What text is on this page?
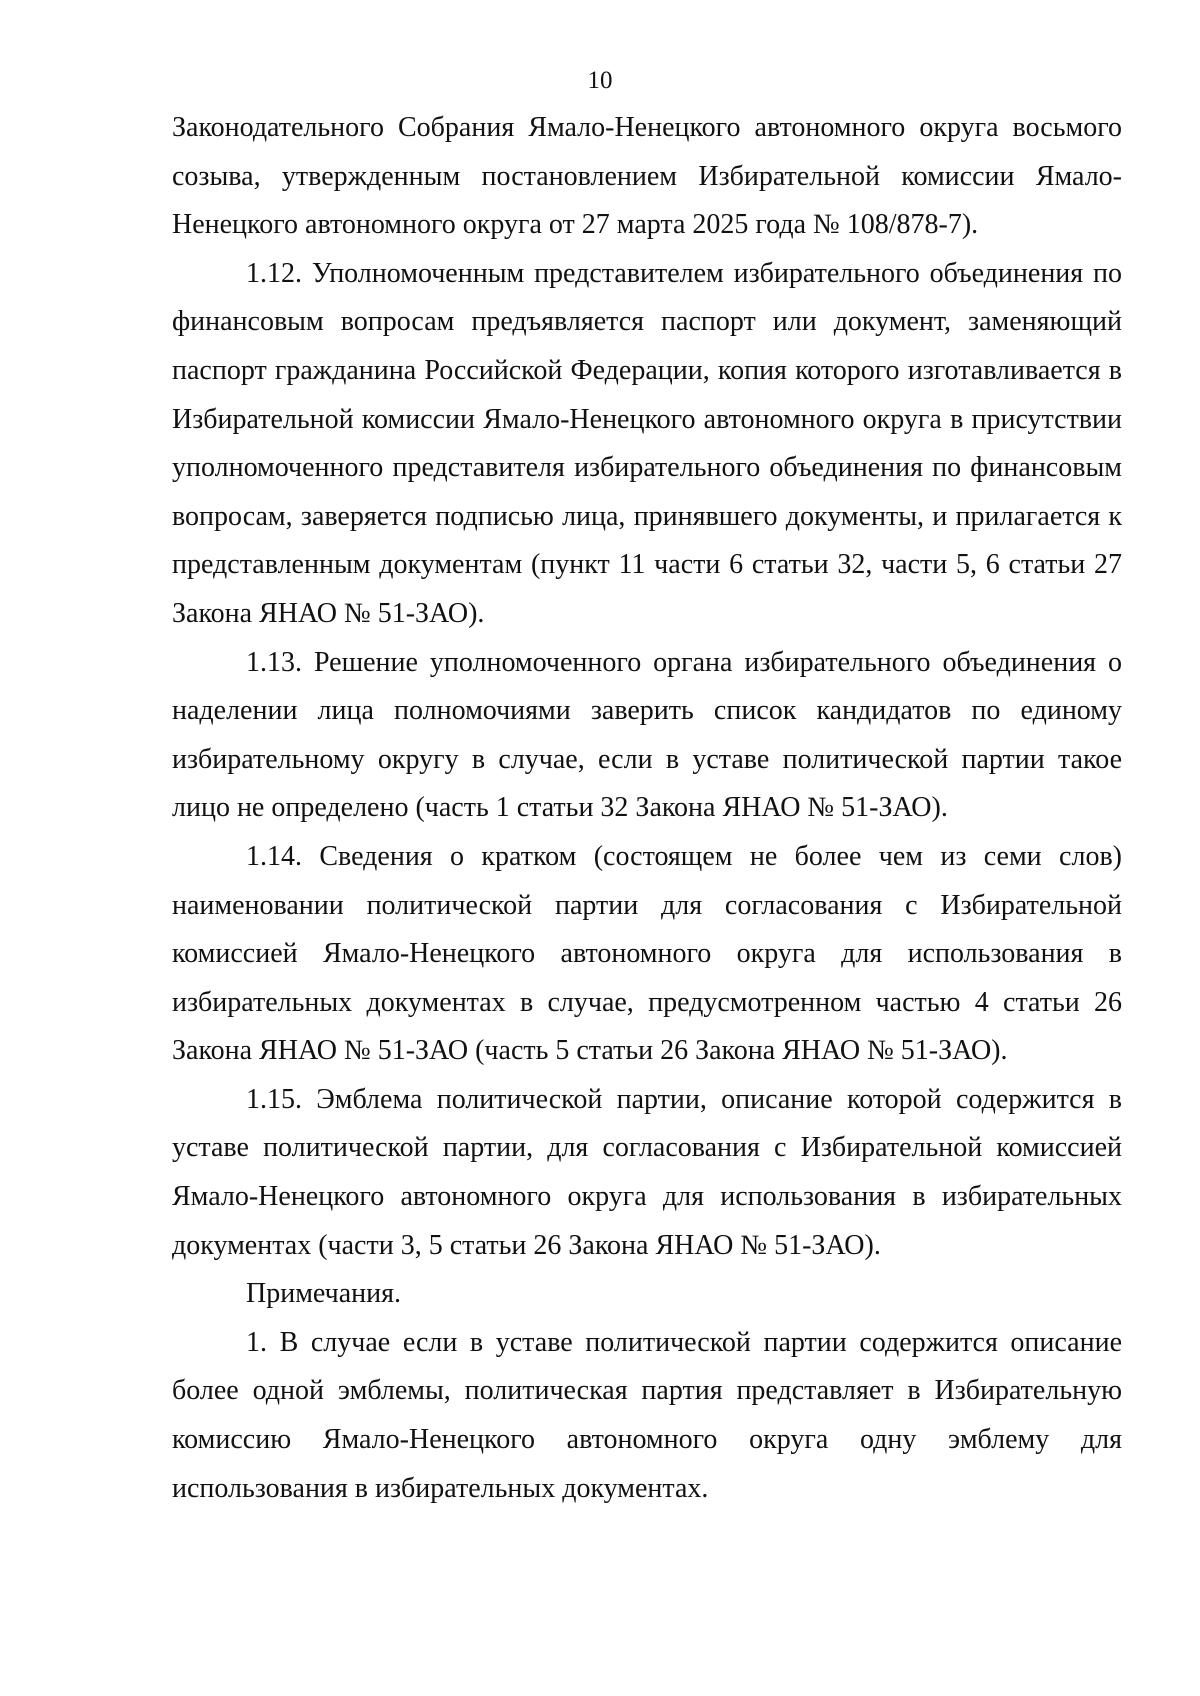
10

Законодательного Собрания Ямало-Ненецкого автономного округа восьмого созыва, утвержденным постановлением Избирательной комиссии Ямало-Ненецкого автономного округа от 27 марта 2025 года № 108/878-7).

1.12. Уполномоченным представителем избирательного объединения по финансовым вопросам предъявляется паспорт или документ, заменяющий паспорт гражданина Российской Федерации, копия которого изготавливается в Избирательной комиссии Ямало-Ненецкого автономного округа в присутствии уполномоченного представителя избирательного объединения по финансовым вопросам, заверяется подписью лица, принявшего документы, и прилагается к представленным документам (пункт 11 части 6 статьи 32, части 5, 6 статьи 27 Закона ЯНАО № 51-ЗАО).

1.13. Решение уполномоченного органа избирательного объединения о наделении лица полномочиями заверить список кандидатов по единому избирательному округу в случае, если в уставе политической партии такое лицо не определено (часть 1 статьи 32 Закона ЯНАО № 51-ЗАО).

1.14. Сведения о кратком (состоящем не более чем из семи слов) наименовании политической партии для согласования с Избирательной комиссией Ямало-Ненецкого автономного округа для использования в избирательных документах в случае, предусмотренном частью 4 статьи 26 Закона ЯНАО № 51-ЗАО (часть 5 статьи 26 Закона ЯНАО № 51-ЗАО).

1.15. Эмблема политической партии, описание которой содержится в уставе политической партии, для согласования с Избирательной комиссией Ямало-Ненецкого автономного округа для использования в избирательных документах (части 3, 5 статьи 26 Закона ЯНАО № 51-ЗАО).

Примечания.

1. В случае если в уставе политической партии содержится описание более одной эмблемы, политическая партия представляет в Избирательную комиссию Ямало-Ненецкого автономного округа одну эмблему для использования в избирательных документах.
